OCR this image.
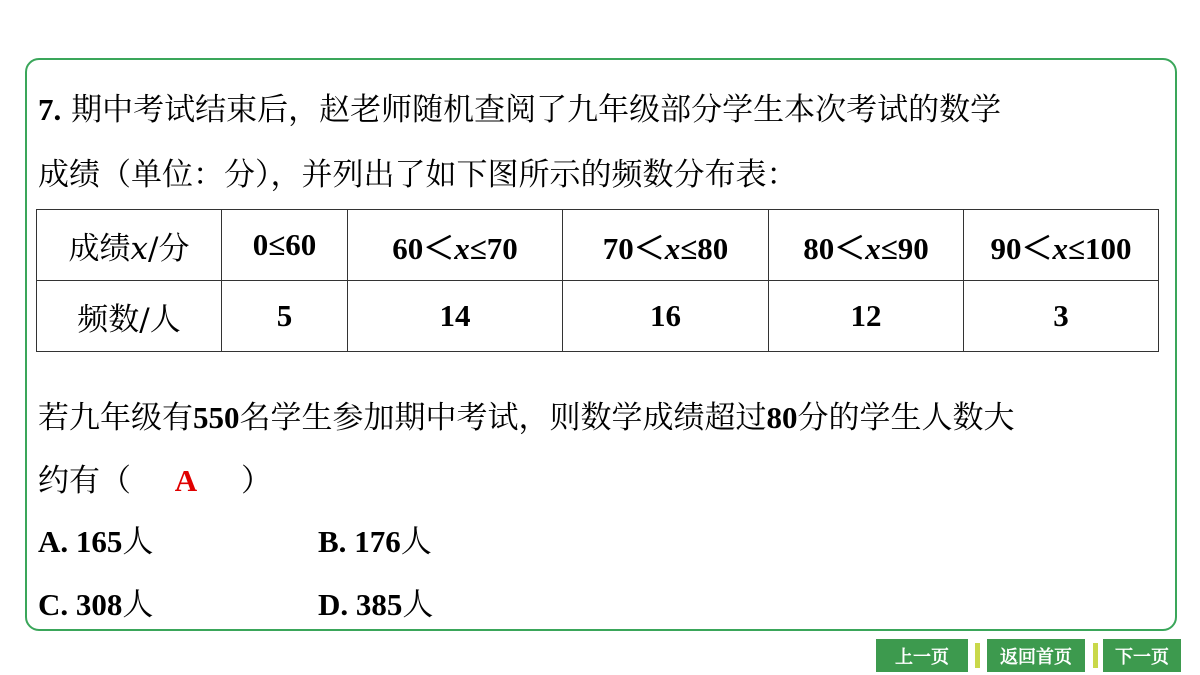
7. 期中考试结束后，赵老师随机查阅了九年级部分学生本次考试的数学
成绩（单位：分），并列出了如下图所示的频数分布表：
成绩x/分	0≤60	60＜x≤70	70＜x≤80	80＜x≤90	90＜x≤100
频数/人	5	14	16	12	3
若九年级有550名学生参加期中考试，则数学成绩超过80分的学生人数大
约有（ A ）
A. 165人	B. 176人
C. 308人	D. 385人
上一页	返回首页	下一页
